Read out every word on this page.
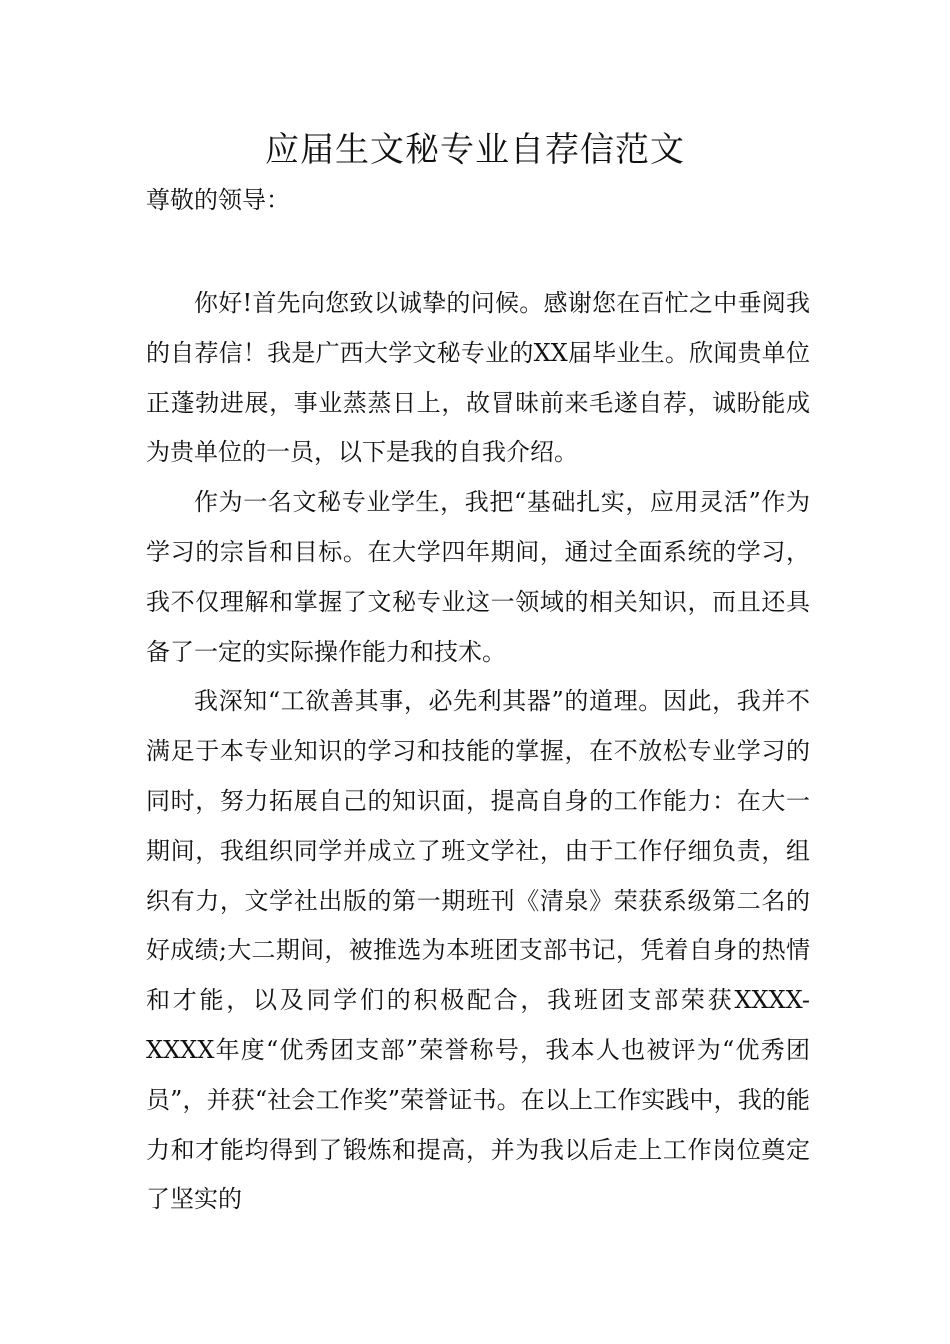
应届生文秘专业自荐信范文

尊敬的领导：

你好!首先向您致以诚挚的问候。感谢您在百忙之中垂阅我的自荐信！我是广西大学文秘专业的XX届毕业生。欣闻贵单位正蓬勃进展，事业蒸蒸日上，故冒昧前来毛遂自荐，诚盼能成为贵单位的一员，以下是我的自我介绍。

作为一名文秘专业学生，我把“基础扎实，应用灵活”作为学习的宗旨和目标。在大学四年期间，通过全面系统的学习，我不仅理解和掌握了文秘专业这一领域的相关知识，而且还具备了一定的实际操作能力和技术。

我深知“工欲善其事，必先利其器”的道理。因此，我并不满足于本专业知识的学习和技能的掌握，在不放松专业学习的同时，努力拓展自己的知识面，提高自身的工作能力：在大一期间，我组织同学并成立了班文学社，由于工作仔细负责，组织有力，文学社出版的第一期班刊《清泉》荣获系级第二名的好成绩;大二期间，被推选为本班团支部书记，凭着自身的热情和才能，以及同学们的积极配合，我班团支部荣获XXXX-XXXX年度“优秀团支部”荣誉称号，我本人也被评为“优秀团员”，并获“社会工作奖”荣誉证书。在以上工作实践中，我的能力和才能均得到了锻炼和提高，并为我以后走上工作岗位奠定了坚实的
